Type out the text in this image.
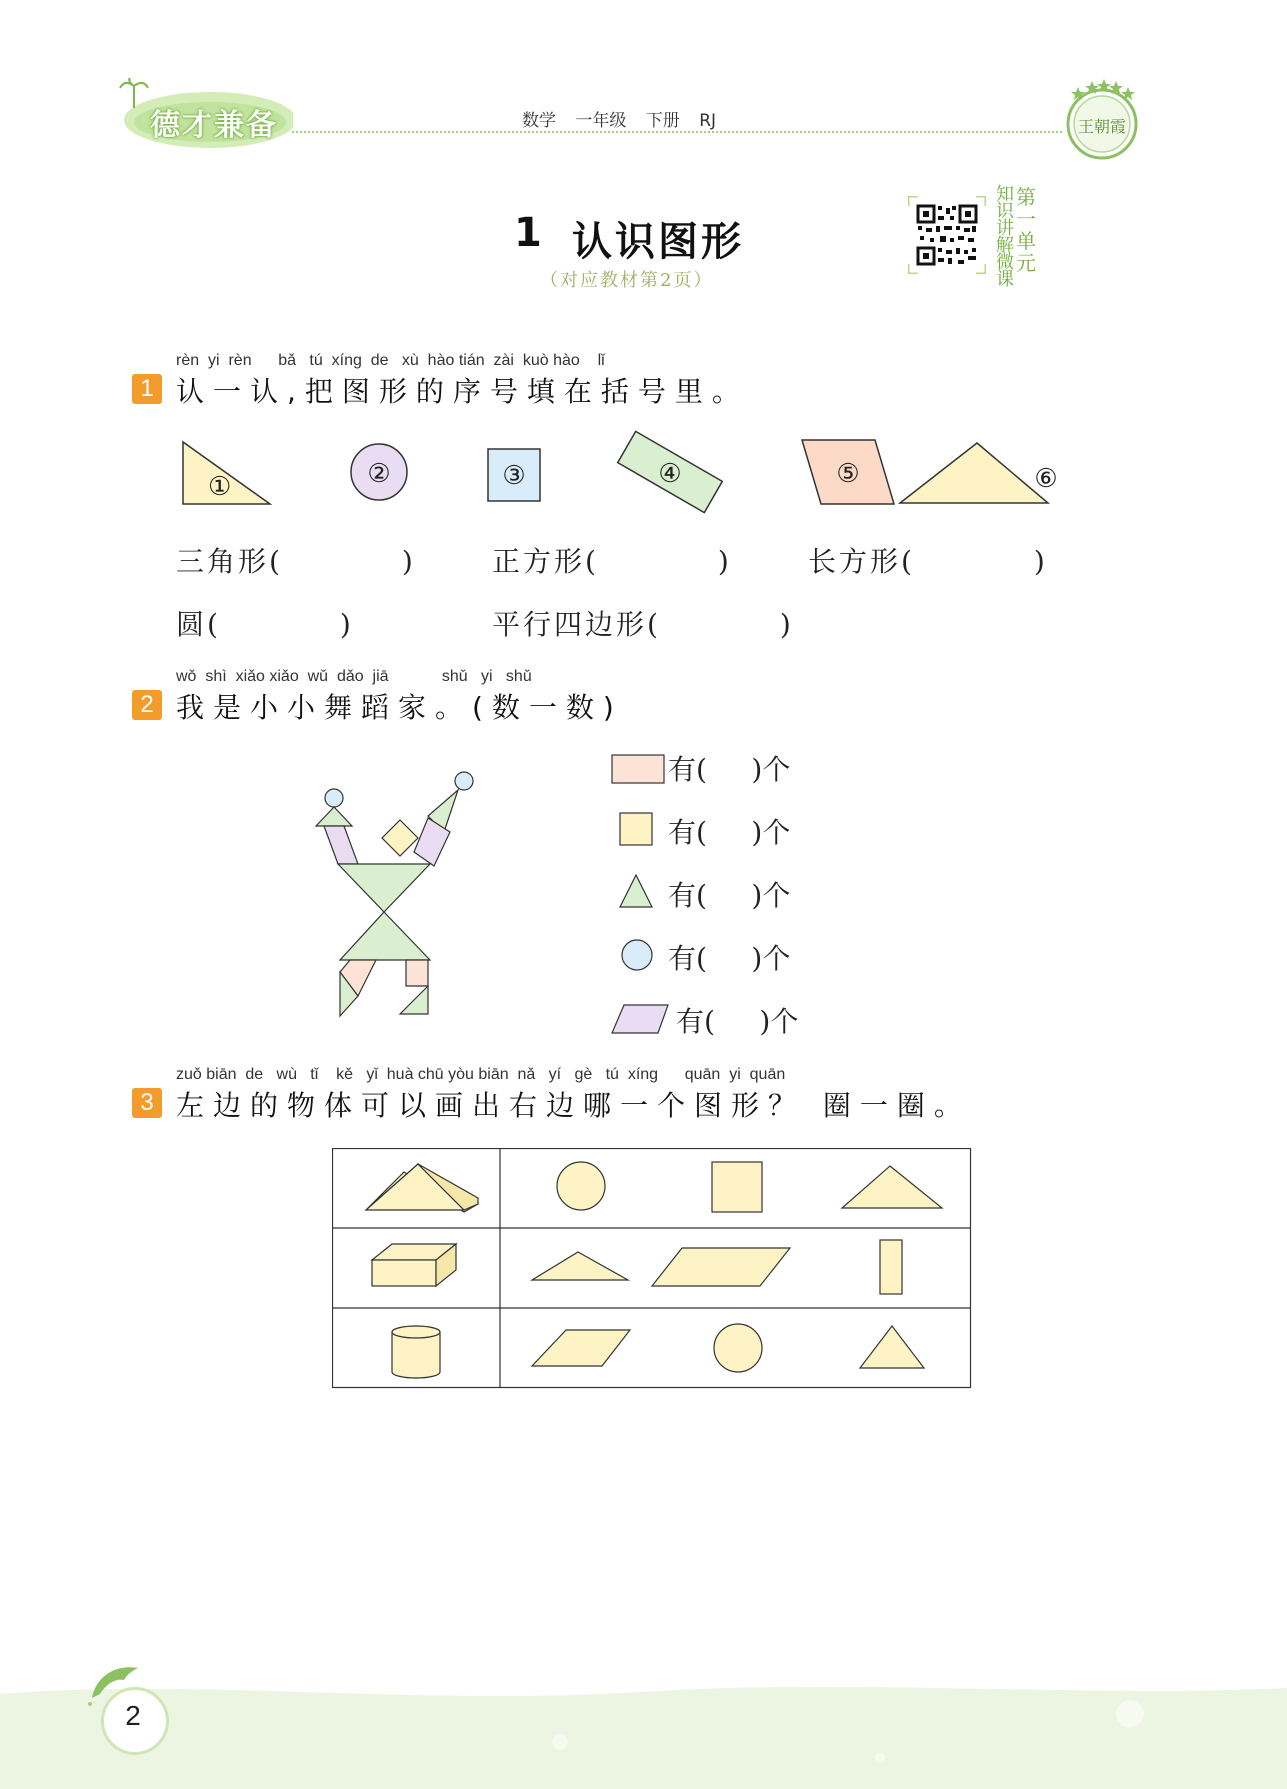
德才兼备	数学 一年级 下册 RJ	王朝霞
1 认识图形
（对应教材第2页）
知识讲解微课
第一单元
rèn  yi  rèn      bǎ   tú  xíng  de   xù  hào tián  zài  kuò hào    lǐ
1 认一认,把图形的序号填在括号里。
①	②	③	④	⑤	⑥
三角形(          )	正方形(          )	长方形(          )
圆(          )	平行四边形(          )
wǒ  shì  xiǎo xiǎo  wǔ  dǎo  jiā            shǔ   yi   shǔ
2 我是小小舞蹈家。(数一数)
有(     )个
有(     )个
有(     )个
有(     )个
有(     )个
zuǒ biān  de   wù   tǐ    kě   yǐ  huà chū yòu biān  nǎ   yí   gè   tú  xíng      quān  yi  quān
3 左边的物体可以画出右边哪一个图形？ 圈一圈。
2
